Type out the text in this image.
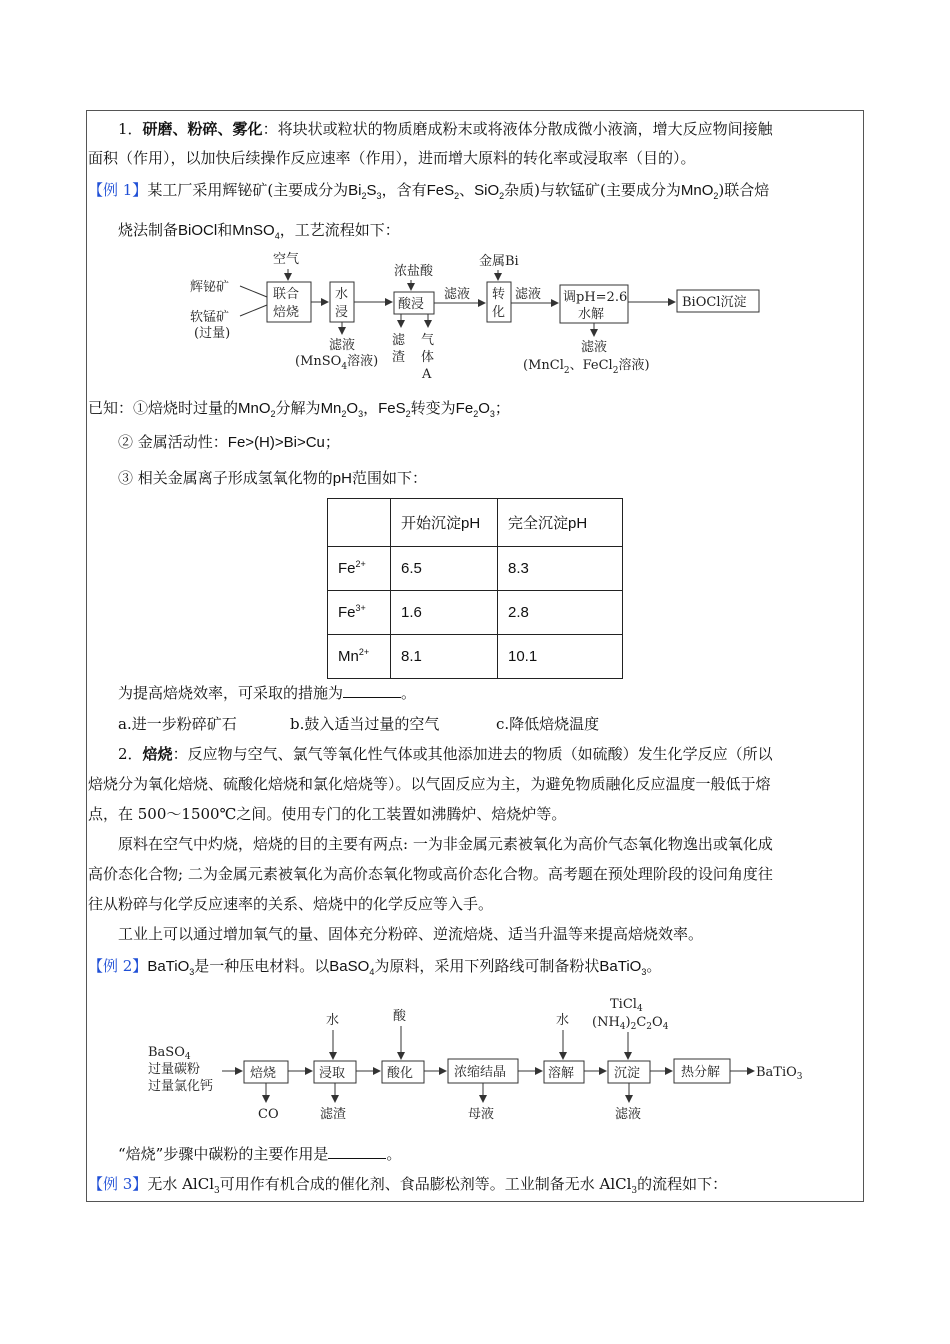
1．研磨、粉碎、雾化：将块状或粒状的物质磨成粉末或将液体分散成微小液滴，增大反应物间接触
面积（作用），以加快后续操作反应速率（作用），进而增大原料的转化率或浸取率（目的）。
【例 1】某工厂采用辉铋矿(主要成分为$Bi_2S_3$，含有FeS$_2$、SiO$_2$杂质)与软锰矿(主要成分为MnO$_2$)联合焙
烧法制备BiOCl和MnSO$_4$，工艺流程如下：
辉铋矿
软锰矿
(过量)
空气
联合
焙烧
水
浸
滤液
(MnSO$_4$溶液)
浓盐酸
酸浸
滤
渣
气
体
A
滤液
金属Bi
转
化
滤液 调pH=2.6
水解
滤液
(MnCl$_2$、FeCl$_2$溶液)
BiOCl沉淀
已知：①焙烧时过量的MnO$_2$分解为$Mn_2O_3$，FeS$_2$转变为$Fe_2O_3$；
② 金属活动性：Fe>(H)>Bi>Cu；
③ 相关金属离子形成氢氧化物的pH范围如下：
	开始沉淀pH	完全沉淀pH
$Fe^{2+}$	6.5	8.3
$Fe^{3+}$	1.6	2.8
$Mn^{2+}$	8.1	10.1
为提高焙烧效率，可采取的措施为	。
a.进一步粉碎矿石	b.鼓入适当过量的空气	c.降低焙烧温度
2．焙烧：反应物与空气、氯气等氧化性气体或其他添加进去的物质（如硫酸）发生化学反应（所以
焙烧分为氧化焙烧、硫酸化焙烧和氯化焙烧等）。以气固反应为主，为避免物质融化反应温度一般低于熔
点，在 500～1500℃之间。使用专门的化工装置如沸腾炉、焙烧炉等。
原料在空气中灼烧，焙烧的目的主要有两点: 一为非金属元素被氧化为高价气态氧化物逸出或氧化成
高价态化合物; 二为金属元素被氧化为高价态氧化物或高价态化合物。高考题在预处理阶段的设问角度往
往从粉碎与化学反应速率的关系、焙烧中的化学反应等入手。
工业上可以通过增加氧气的量、固体充分粉碎、逆流焙烧、适当升温等来提高焙烧效率。
【例 2】BaTiO$_3$是一种压电材料。以BaSO$_4$为原料，采用下列路线可制备粉状BaTiO$_3$。
BaSO$_4$
过量碳粉
过量氯化钙
焙烧
CO
水
浸取
滤渣
酸
酸化	浓缩结晶
母液
水
溶解
TiCl$_4$
$(NH_4)_2C_2O_4$
沉淀
滤液
热分解	BaTiO$_3$
“焙烧”步骤中碳粉的主要作用是	。
【例 3】无水 AlCl$_3$可用作有机合成的催化剂、食品膨松剂等。工业制备无水 AlCl$_3$的流程如下：
